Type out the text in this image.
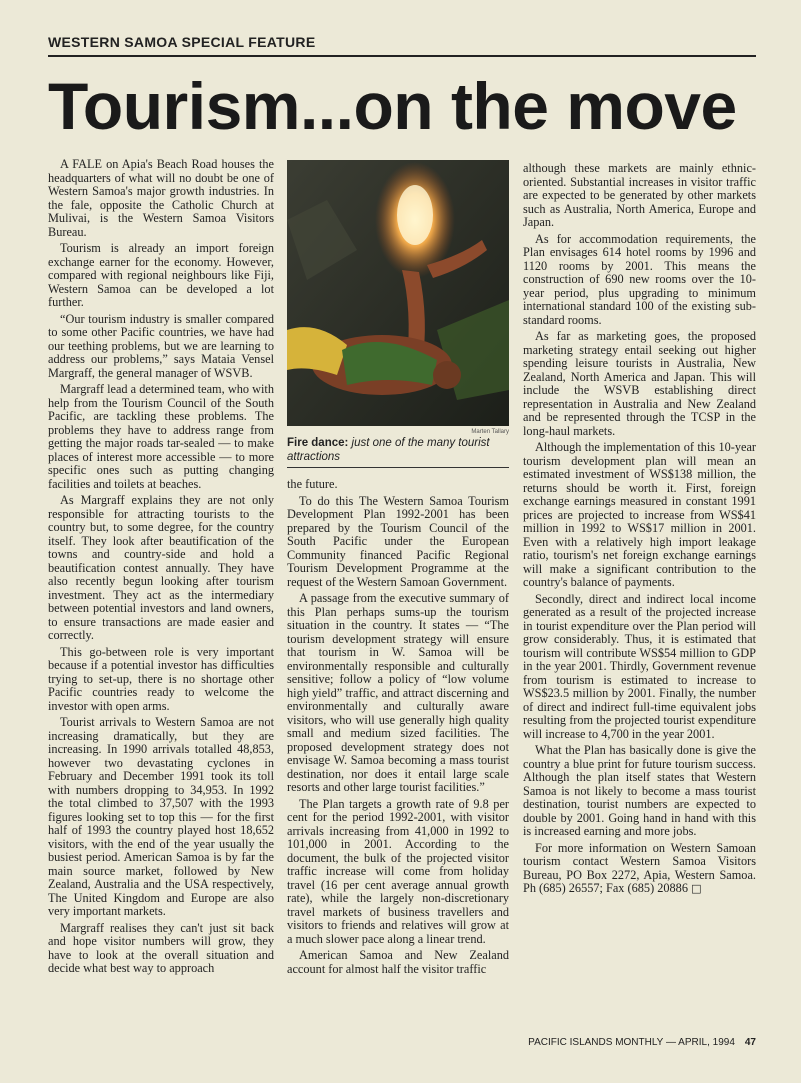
WESTERN SAMOA SPECIAL FEATURE
Tourism...on the move

A FALE on Apia's Beach Road houses the headquarters of what will no doubt be one of Western Samoa's major growth industries. In the fale, opposite the Catholic Church at Mulivai, is the Western Samoa Visitors Bureau.

Tourism is already an import foreign exchange earner for the economy. However, compared with regional neighbours like Fiji, Western Samoa can be developed a lot further.

“Our tourism industry is smaller compared to some other Pacific countries, we have had our teething problems, but we are learning to address our problems,” says Mataia Vensel Margraff, the general manager of WSVB.

Margraff lead a determined team, who with help from the Tourism Council of the South Pacific, are tackling these problems. The problems they have to address range from getting the major roads tar-sealed — to make places of interest more accessible — to more specific ones such as putting changing facilities and toilets at beaches.

As Margraff explains they are not only responsible for attracting tourists to the country but, to some degree, for the country itself. They look after beautification of the towns and country-side and hold a beautification contest annually. They have also recently begun looking after tourism investment. They act as the intermediary between potential investors and land owners, to ensure transactions are made easier and correctly.

This go-between role is very important because if a potential investor has difficulties trying to set-up, there is no shortage other Pacific countries ready to welcome the investor with open arms.

Tourist arrivals to Western Samoa are not increasing dramatically, but they are increasing. In 1990 arrivals totalled 48,853, however two devastating cyclones in February and December 1991 took its toll with numbers dropping to 34,953. In 1992 the total climbed to 37,507 with the 1993 figures looking set to top this — for the first half of 1993 the country played host 18,652 visitors, with the end of the year usually the busiest period. American Samoa is by far the main source market, followed by New Zealand, Australia and the USA respectively, The United Kingdom and Europe are also very important markets.

Margraff realises they can't just sit back and hope visitor numbers will grow, they have to look at the overall situation and decide what best way to approach

Marten Tallary
Fire dance: just one of the many tourist attractions

the future.

To do this The Western Samoa Tourism Development Plan 1992-2001 has been prepared by the Tourism Council of the South Pacific under the European Community financed Pacific Regional Tourism Development Programme at the request of the Western Samoan Government.

A passage from the executive summary of this Plan perhaps sums-up the tourism situation in the country. It states — “The tourism development strategy will ensure that tourism in W. Samoa will be environmentally responsible and culturally sensitive; follow a policy of “low volume high yield” traffic, and attract discerning and environmentally and culturally aware visitors, who will use generally high quality small and medium sized facilities. The proposed development strategy does not envisage W. Samoa becoming a mass tourist destination, nor does it entail large scale resorts and other large tourist facilities.”

The Plan targets a growth rate of 9.8 per cent for the period 1992-2001, with visitor arrivals increasing from 41,000 in 1992 to 101,000 in 2001. According to the document, the bulk of the projected visitor traffic increase will come from holiday travel (16 per cent average annual growth rate), while the largely non-discretionary travel markets of business travellers and visitors to friends and relatives will grow at a much slower pace along a linear trend.

American Samoa and New Zealand account for almost half the visitor traffic

although these markets are mainly ethnic-oriented. Substantial increases in visitor traffic are expected to be generated by other markets such as Australia, North America, Europe and Japan.

As for accommodation requirements, the Plan envisages 614 hotel rooms by 1996 and 1120 rooms by 2001. This means the construction of 690 new rooms over the 10-year period, plus upgrading to minimum international standard 100 of the existing sub-standard rooms.

As far as marketing goes, the proposed marketing strategy entail seeking out higher spending leisure tourists in Australia, New Zealand, North America and Japan. This will include the WSVB establishing direct representation in Australia and New Zealand and be represented through the TCSP in the long-haul markets.

Although the implementation of this 10-year tourism development plan will mean an estimated investment of WS$138 million, the returns should be worth it. First, foreign exchange earnings measured in constant 1991 prices are projected to increase from WS$41 million in 1992 to WS$17 million in 2001. Even with a relatively high import leakage ratio, tourism's net foreign exchange earnings will make a significant contribution to the country's balance of payments.

Secondly, direct and indirect local income generated as a result of the projected increase in tourist expenditure over the Plan period will grow considerably. Thus, it is estimated that tourism will contribute WS$54 million to GDP in the year 2001. Thirdly, Government revenue from tourism is estimated to increase to WS$23.5 million by 2001. Finally, the number of direct and indirect full-time equivalent jobs resulting from the projected tourist expenditure will increase to 4,700 in the year 2001.

What the Plan has basically done is give the country a blue print for future tourism success. Although the plan itself states that Western Samoa is not likely to become a mass tourist destination, tourist numbers are expected to double by 2001. Going hand in hand with this is increased earning and more jobs.

For more information on Western Samoan tourism contact Western Samoa Visitors Bureau, PO Box 2272, Apia, Western Samoa. Ph (685) 26557; Fax (685) 20886 □

PACIFIC ISLANDS MONTHLY — APRIL, 1994 47
